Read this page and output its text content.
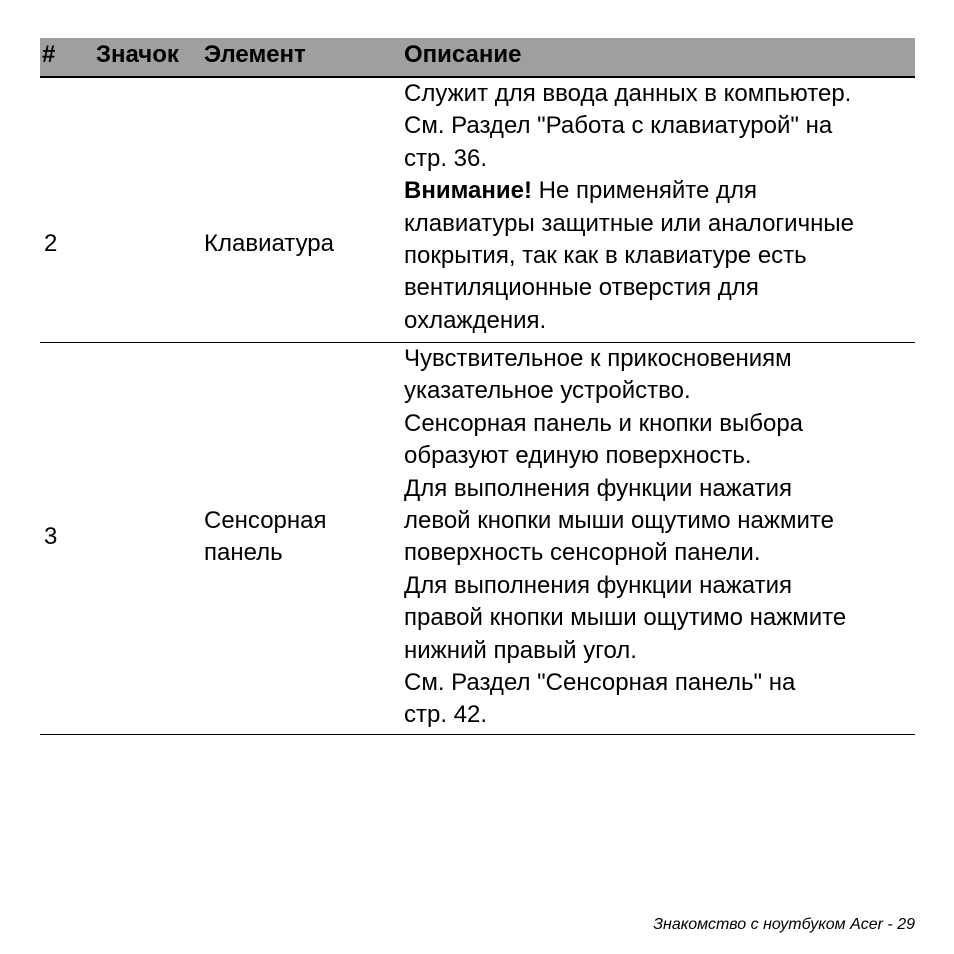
# Значок Элемент	Описание
2	Клавиатура
Служит для ввода данных в компьютер.
См. Раздел "Работа с клавиатурой" на
стр. 36.
Внимание! Не применяйте для
клавиатуры защитные или аналогичные
покрытия, так как в клавиатуре есть
вентиляционные отверстия для
охлаждения.
3
Сенсорная
панель
Чувствительное к прикосновениям
указательное устройство.
Сенсорная панель и кнопки выбора
образуют единую поверхность.
Для выполнения функции нажатия
левой кнопки мыши ощутимо нажмите
поверхность сенсорной панели.
Для выполнения функции нажатия
правой кнопки мыши ощутимо нажмите
нижний правый угол.
См. Раздел "Сенсорная панель" на
стр. 42.
Знакомство с ноутбуком Acer - 29
